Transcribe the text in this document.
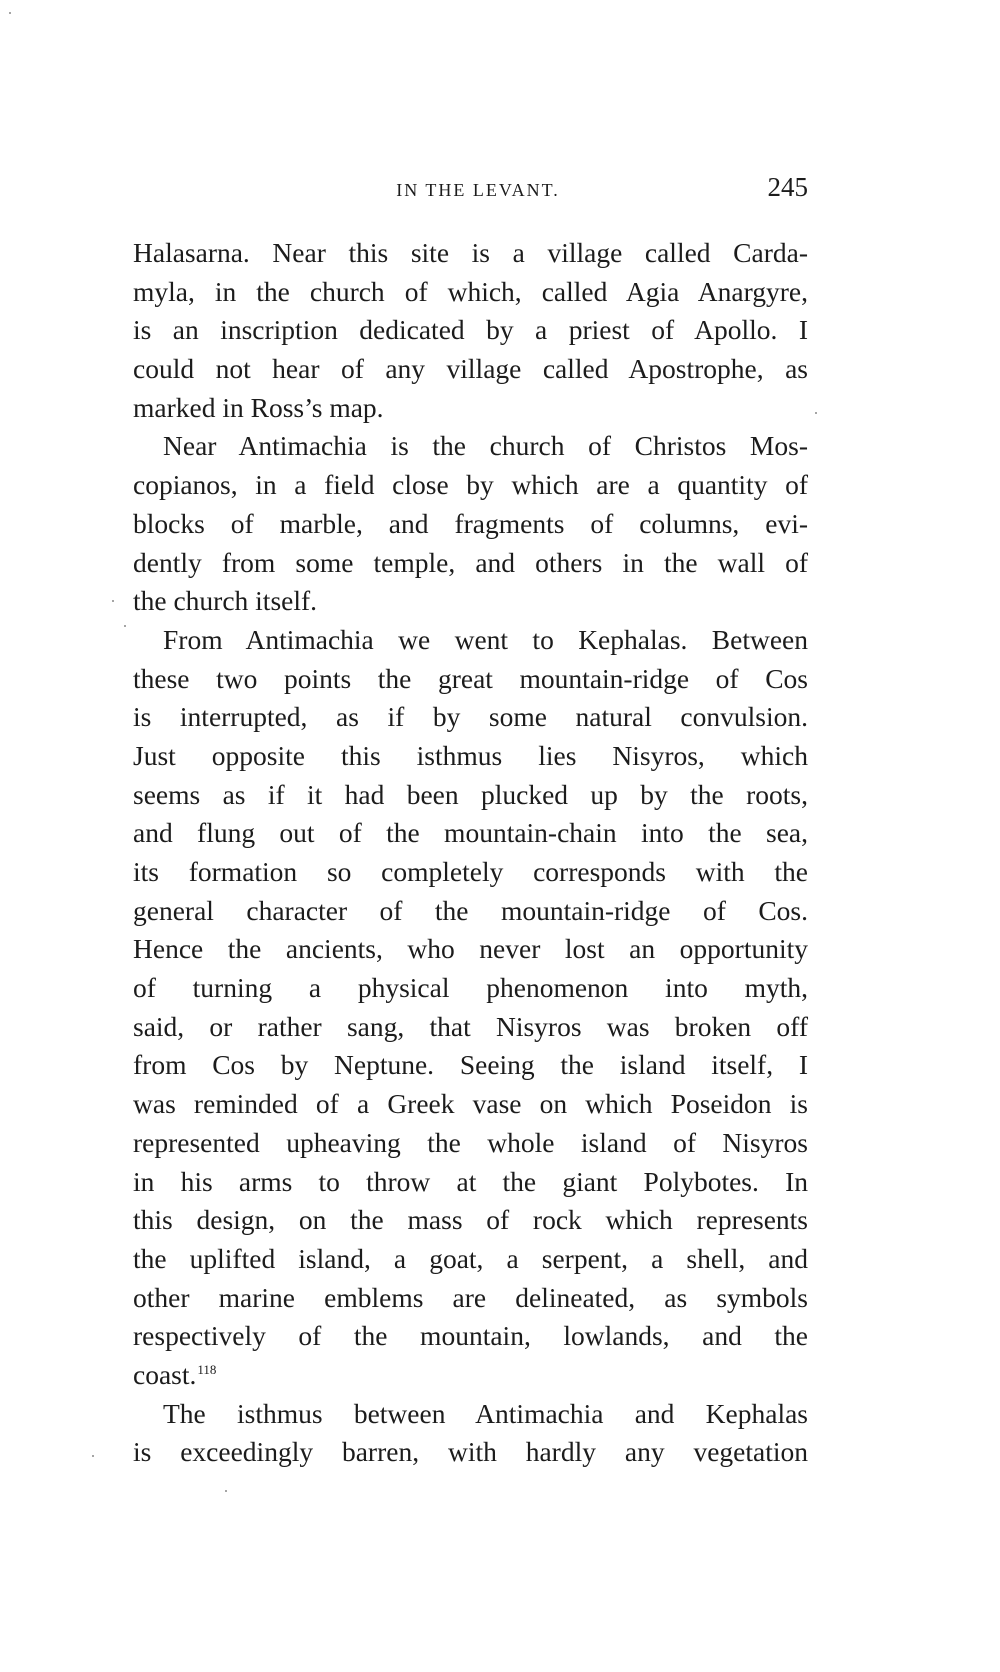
IN THE LEVANT.	245
Halasarna. Near this site is a village called Carda-
myla, in the church of which, called Agia Anargyre,
is an inscription dedicated by a priest of Apollo. I
could not hear of any village called Apostrophe, as
marked in Ross’s map.
Near Antimachia is the church of Christos Mos-
copianos, in a field close by which are a quantity of
blocks of marble, and fragments of columns, evi-
dently from some temple, and others in the wall of
the church itself.
From Antimachia we went to Kephalas. Between
these two points the great mountain-ridge of Cos
is interrupted, as if by some natural convulsion.
Just opposite this isthmus lies Nisyros, which
seems as if it had been plucked up by the roots,
and flung out of the mountain-chain into the sea,
its formation so completely corresponds with the
general character of the mountain-ridge of Cos.
Hence the ancients, who never lost an opportunity
of turning a physical phenomenon into myth,
said, or rather sang, that Nisyros was broken off
from Cos by Neptune. Seeing the island itself, I
was reminded of a Greek vase on which Poseidon is
represented upheaving the whole island of Nisyros
in his arms to throw at the giant Polybotes. In
this design, on the mass of rock which represents
the uplifted island, a goat, a serpent, a shell, and
other marine emblems are delineated, as symbols
respectively of the mountain, lowlands, and the
coast.$^{118}$
The isthmus between Antimachia and Kephalas
is exceedingly barren, with hardly any vegetation
